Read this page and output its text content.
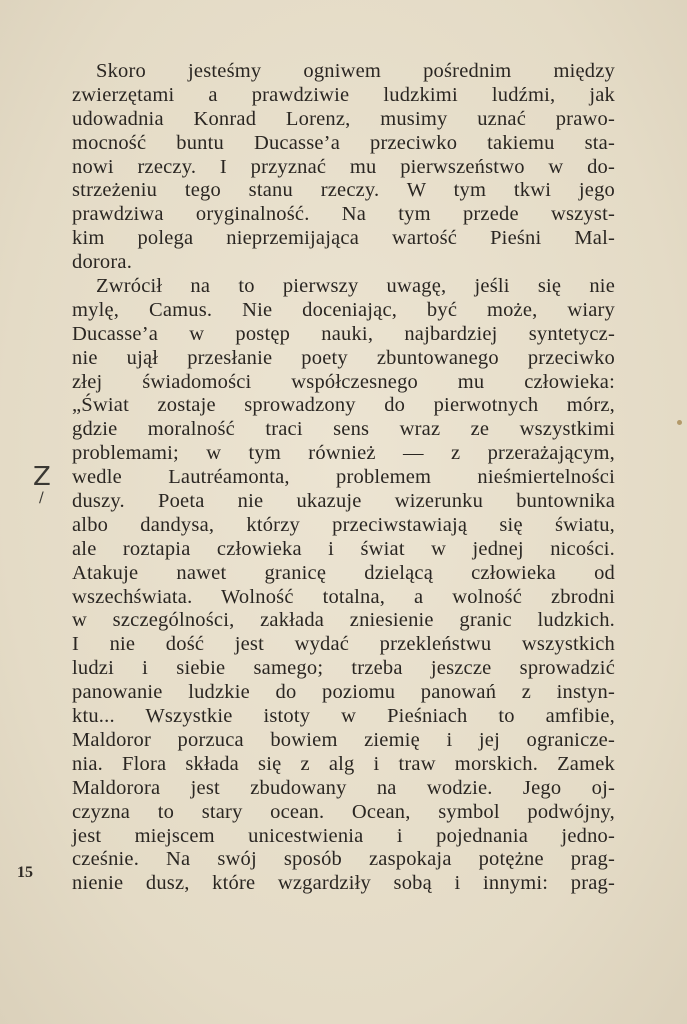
Z
/
Skoro jesteśmy ogniwem pośrednim między
zwierzętami a prawdziwie ludzkimi ludźmi, jak
udowadnia Konrad Lorenz, musimy uznać prawo-
mocność buntu Ducasse’a przeciwko takiemu sta-
nowi rzeczy. I przyznać mu pierwszeństwo w do-
strzeżeniu tego stanu rzeczy. W tym tkwi jego
prawdziwa oryginalność. Na tym przede wszyst-
kim polega nieprzemijająca wartość Pieśni Mal-
dorora.
Zwrócił na to pierwszy uwagę, jeśli się nie
mylę, Camus. Nie doceniając, być może, wiary
Ducasse’a w postęp nauki, najbardziej syntetycz-
nie ujął przesłanie poety zbuntowanego przeciwko
złej świadomości współczesnego mu człowieka:
„Świat zostaje sprowadzony do pierwotnych mórz,
gdzie moralność traci sens wraz ze wszystkimi
problemami; w tym również — z przerażającym,
wedle Lautréamonta, problemem nieśmiertelności
duszy. Poeta nie ukazuje wizerunku buntownika
albo dandysa, którzy przeciwstawiają się światu,
ale roztapia człowieka i świat w jednej nicości.
Atakuje nawet granicę dzielącą człowieka od
wszechświata. Wolność totalna, a wolność zbrodni
w szczególności, zakłada zniesienie granic ludzkich.
I nie dość jest wydać przekleństwu wszystkich
ludzi i siebie samego; trzeba jeszcze sprowadzić
panowanie ludzkie do poziomu panowań z instyn-
ktu... Wszystkie istoty w Pieśniach to amfibie,
Maldoror porzuca bowiem ziemię i jej ogranicze-
nia. Flora składa się z alg i traw morskich. Zamek
Maldorora jest zbudowany na wodzie. Jego oj-
czyzna to stary ocean. Ocean, symbol podwójny,
jest miejscem unicestwienia i pojednania jedno-
cześnie. Na swój sposób zaspokaja potężne prag-
nienie dusz, które wzgardziły sobą i innymi: prag-
15
